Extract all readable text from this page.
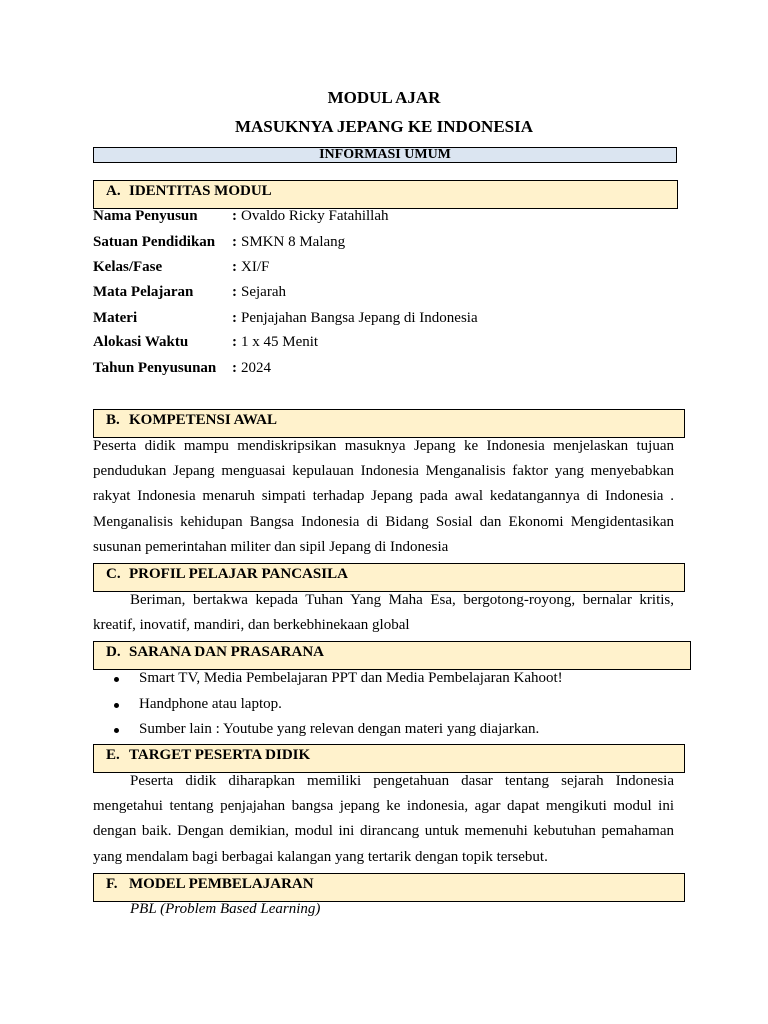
MODUL AJAR
MASUKNYA JEPANG KE INDONESIA
INFORMASI UMUM
A. IDENTITAS MODUL
Nama Penyusun : Ovaldo Ricky Fatahillah
Satuan Pendidikan : SMKN 8 Malang
Kelas/Fase	: XI/F
Mata Pelajaran	: Sejarah
Materi	: Penjajahan Bangsa Jepang di Indonesia
Alokasi Waktu	: 1 x 45 Menit
Tahun Penyusunan : 2024
B. KOMPETENSI AWAL

Peserta didik mampu mendiskripsikan masuknya Jepang ke Indonesia menjelaskan tujuan pendudukan Jepang menguasai kepulauan Indonesia Menganalisis faktor yang menyebabkan rakyat Indonesia menaruh simpati terhadap Jepang pada awal kedatangannya di Indonesia . Menganalisis kehidupan Bangsa Indonesia di Bidang Sosial dan Ekonomi Mengidentasikan susunan pemerintahan militer dan sipil Jepang di Indonesia

C. PROFIL PELAJAR PANCASILA

Beriman, bertakwa kepada Tuhan Yang Maha Esa, bergotong-royong, bernalar kritis, kreatif, inovatif, mandiri, dan berkebhinekaan global

D. SARANA DAN PRASARANA
Smart TV, Media Pembelajaran PPT dan Media Pembelajaran Kahoot!
Handphone atau laptop.
Sumber lain : Youtube yang relevan dengan materi yang diajarkan.
E. TARGET PESERTA DIDIK

Peserta didik diharapkan memiliki pengetahuan dasar tentang sejarah Indonesia mengetahui tentang penjajahan bangsa jepang ke indonesia, agar dapat mengikuti modul ini dengan baik. Dengan demikian, modul ini dirancang untuk memenuhi kebutuhan pemahaman yang mendalam bagi berbagai kalangan yang tertarik dengan topik tersebut.

F. MODEL PEMBELAJARAN
PBL (Problem Based Learning)
